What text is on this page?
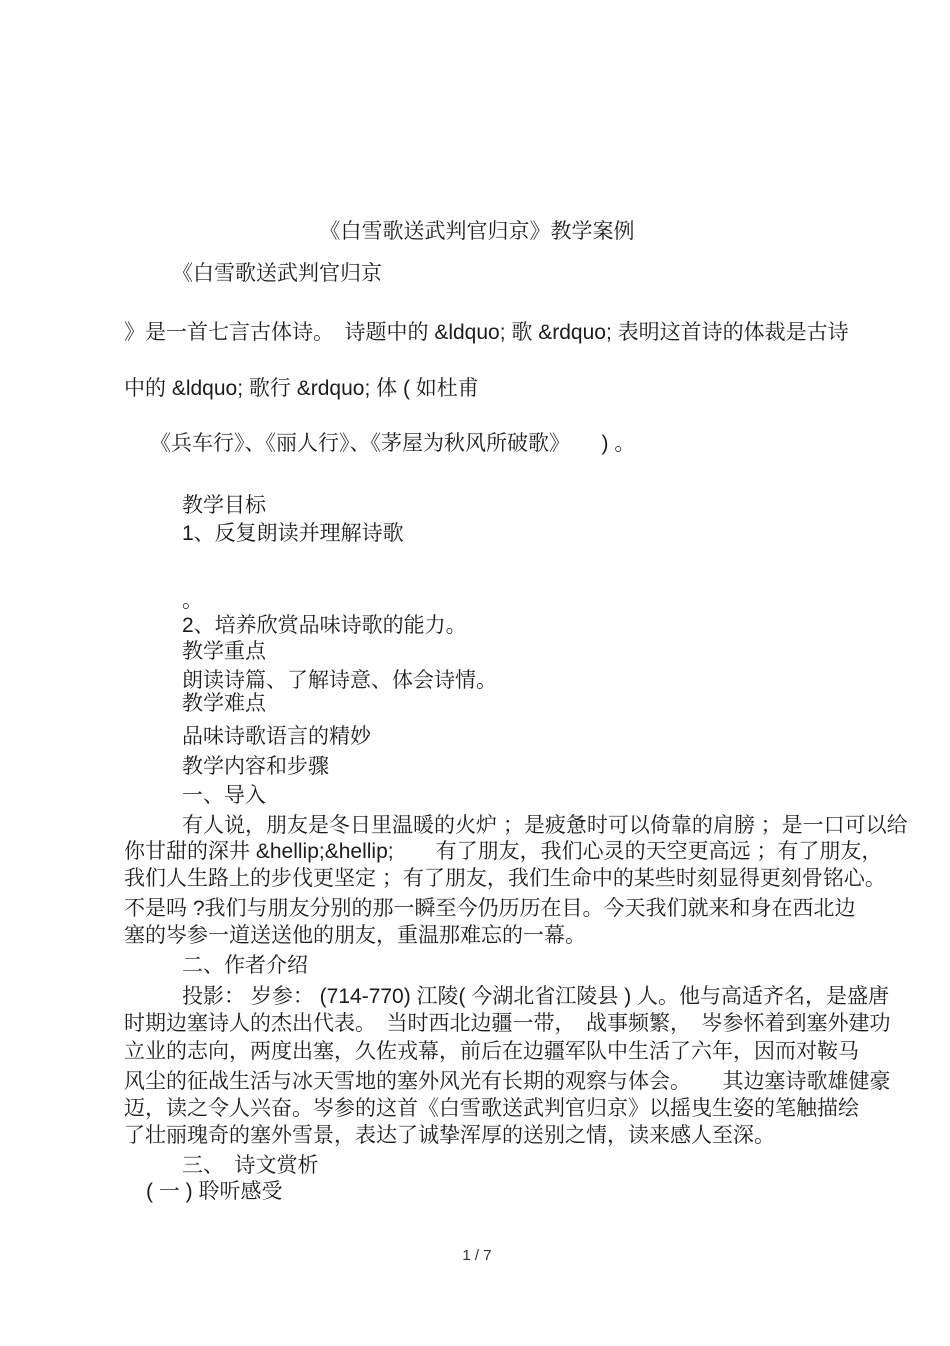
《白雪歌送武判官归京》教学案例
《白雪歌送武判官归京
》是一首七言古体诗。　诗题中的 &ldquo; 歌 &rdquo; 表明这首诗的体裁是古诗
中的 &ldquo; 歌行 &rdquo; 体 ( 如杜甫
《兵车行》、《丽人行》、《茅屋为秋风所破歌》　　) 。
教学目标
1、反复朗读并理解诗歌
。
2、培养欣赏品味诗歌的能力。
教学重点
朗读诗篇、了解诗意、体会诗情。
教学难点
品味诗歌语言的精妙
教学内容和步骤
一、导入
有人说，朋友是冬日里温暖的火炉 ；是疲惫时可以倚靠的肩膀 ；是一口可以给
你甘甜的深井 &hellip;&hellip;　　有了朋友，我们心灵的天空更高远 ；有了朋友，
我们人生路上的步伐更坚定 ；有了朋友，我们生命中的某些时刻显得更刻骨铭心。
不是吗 ?我们与朋友分别的那一瞬至今仍历历在目。今天我们就来和身在西北边
塞的岑参一道送送他的朋友，重温那难忘的一幕。
二、作者介绍
投影： 岁参： (714-770) 江陵( 今湖北省江陵县 ) 人。他与高适齐名，是盛唐
时期边塞诗人的杰出代表。　当时西北边疆一带，　战事频繁，　岑参怀着到塞外建功
立业的志向，两度出塞，久佐戎幕，前后在边疆军队中生活了六年，因而对鞍马
风尘的征战生活与冰天雪地的塞外风光有长期的观察与体会。　　其边塞诗歌雄健豪
迈，读之令人兴奋。岑参的这首《白雪歌送武判官归京》以摇曳生姿的笔触描绘
了壮丽瑰奇的塞外雪景，表达了诚挚浑厚的送别之情，读来感人至深。
三、　诗文赏析
( 一 ) 聆听感受
1 / 7
